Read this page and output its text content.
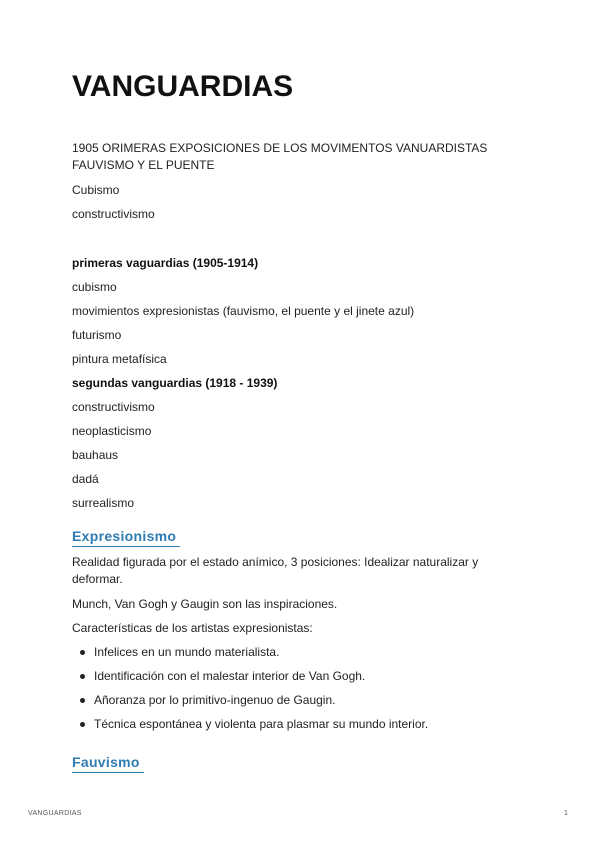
VANGUARDIAS
1905 ORIMERAS EXPOSICIONES DE LOS MOVIMENTOS VANUARDISTAS
FAUVISMO Y EL PUENTE
Cubismo
constructivismo
primeras vaguardias (1905-1914)
cubismo
movimientos expresionistas (fauvismo, el puente y el jinete azul)
futurismo
pintura metafísica
segundas vanguardias (1918 - 1939)
constructivismo
neoplasticismo
bauhaus
dadá
surrealismo
Expresionismo
Realidad figurada por el estado anímico, 3 posiciones: Idealizar naturalizar y deformar.
Munch, Van Gogh y Gaugin son las inspiraciones.
Características de los artistas expresionistas:
Infelices en un mundo materialista.
Identificación con el malestar interior de Van Gogh.
Añoranza por lo primitivo-ingenuo de Gaugin.
Técnica espontánea y violenta para plasmar su mundo interior.
Fauvismo
VANGUARDIAS	1
